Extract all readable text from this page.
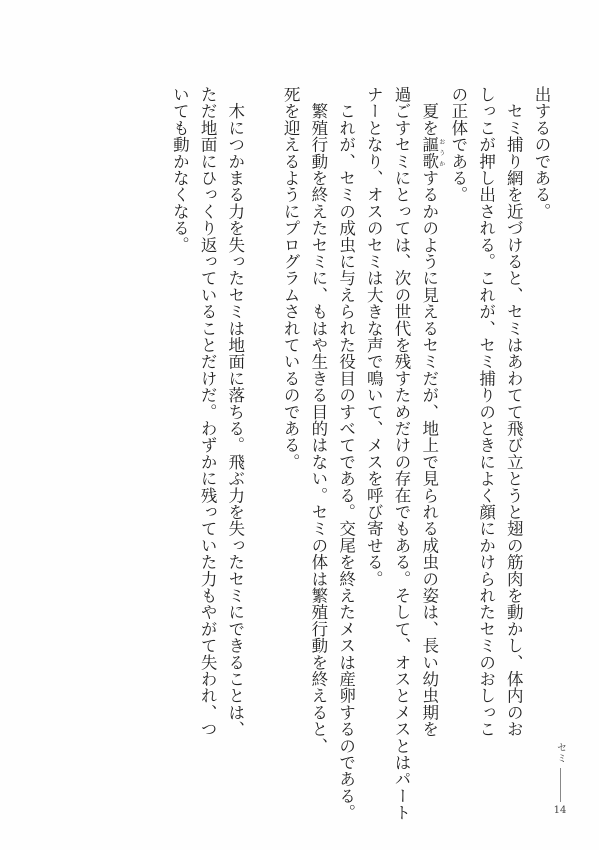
出するのである。
　セミ捕り網を近づけると、セミはあわてて飛び立とうと翅の筋肉を動かし、体内のお
しっこが押し出される。これが、セミ捕りのときによく顔にかけられたセミのおしっこ
の正体である。
　夏を謳歌 おうかするかのように見えるセミだが、地上で見られる成虫の姿は、長い幼虫期を
過ごすセミにとっては、次の世代を残すためだけの存在でもある。そして、オスとメスとはパート
ナーとなり、オスのセミは大きな声で鳴いて、メスを呼び寄せる。
　これが、セミの成虫に与えられた役目のすべてである。交尾を終えたメスは産卵するのである。
　繁殖行動を終えたセミに、もはや生きる目的はない。セミの体は繁殖行動を終えると、
死を迎えるようにプログラムされているのである。
　木につかまる力を失ったセミは地面に落ちる。飛ぶ力を失ったセミにできることは、
ただ地面にひっくり返っていることだけだ。わずかに残っていた力もやがて失われ、つ
いても動かなくなる。
セミ
14
